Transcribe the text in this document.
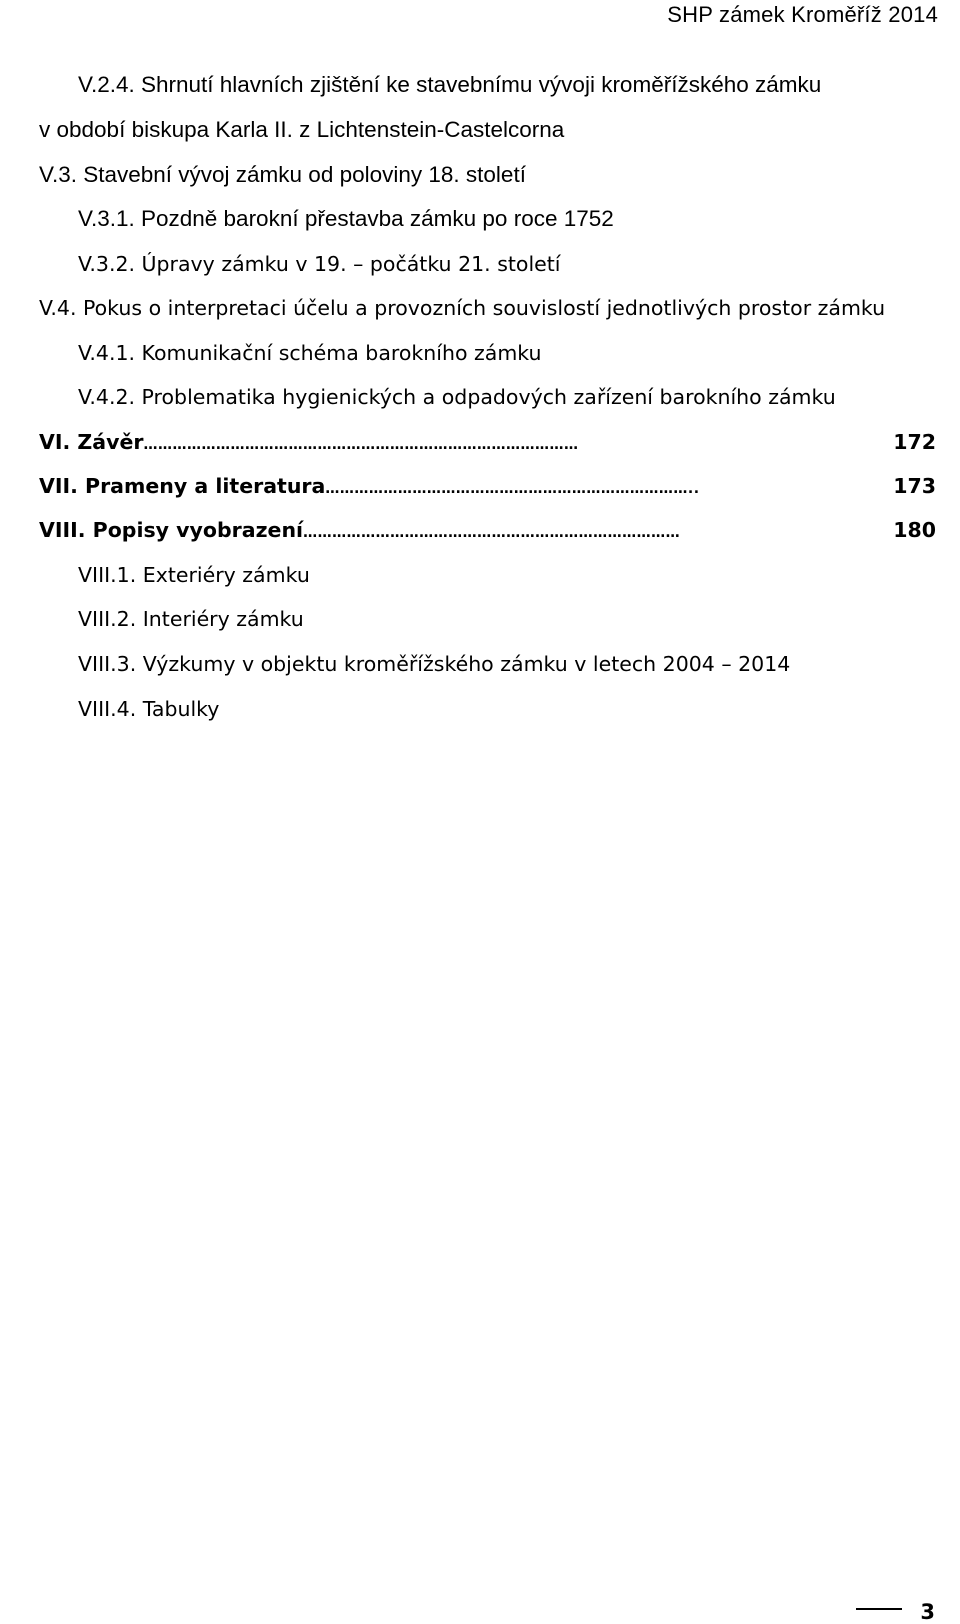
SHP zámek Kroměříž 2014
V.2.4. Shrnutí hlavních zjištění ke stavebnímu vývoji kroměřížského zámku
v období biskupa Karla II. z Lichtenstein-Castelcorna
V.3. Stavební vývoj zámku od poloviny 18. století
V.3.1. Pozdně barokní přestavba zámku po roce 1752
V.3.2. Úpravy zámku v 19. – počátku 21. století
V.4. Pokus o interpretaci účelu a provozních souvislostí jednotlivých prostor zámku
V.4.1. Komunikační schéma barokního zámku
V.4.2. Problematika hygienických a odpadových zařízení barokního zámku
VI. Závěr ………………………………………………………………………………	172
VII. Prameny a literatura …………………………………………………………………..	173
VIII. Popisy vyobrazení ……………………………………………………………………	180
VIII.1. Exteriéry zámku
VIII.2. Interiéry zámku
VIII.3. Výzkumy v objektu kroměřížského zámku v letech 2004 – 2014
VIII.4. Tabulky
3
